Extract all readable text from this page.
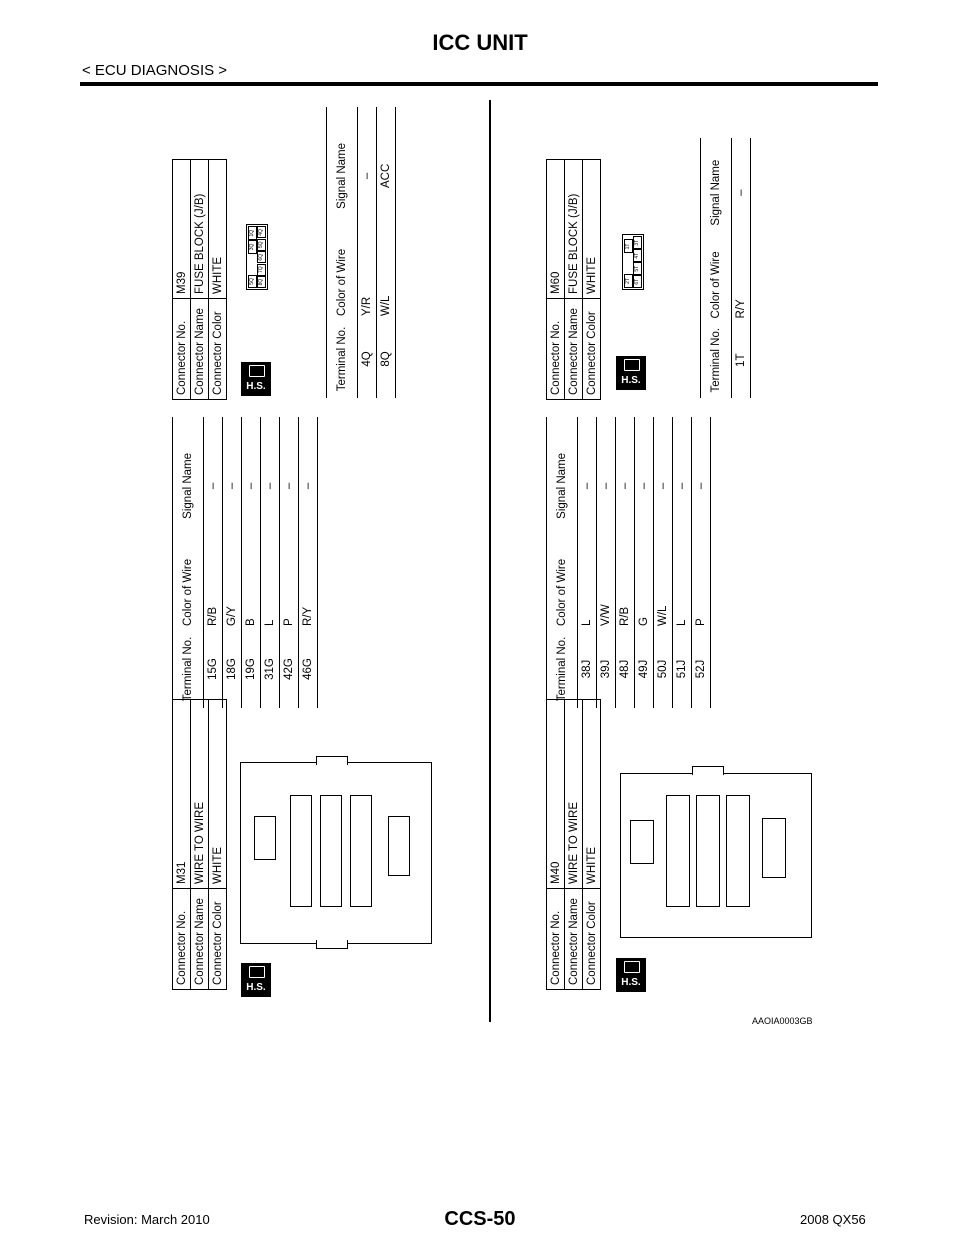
ICC UNIT
< ECU DIAGNOSIS >
Connector No.	M31
Connector Name	WIRE TO WIRE
Connector Color	WHITE
H.S.
Terminal No.	Color of Wire	Signal Name
15G	R/B	–
18G	G/Y	–
19G	B	–
31G	L	–
42G	P	–
46G	R/Y	–
Connector No.	M39
Connector Name	FUSE BLOCK (J/B)
Connector Color	WHITE
H.S.
5Q
3Q
1Q
8Q
7Q
6Q
5Q
4Q
Terminal No.	Color of Wire	Signal Name
4Q	Y/R	–
8Q	W/L	ACC
Connector No.	M40
Connector Name	WIRE TO WIRE
Connector Color	WHITE
H.S.
Terminal No.	Color of Wire	Signal Name
38J	L	–
39J	V/W	–
48J	R/B	–
49J	G	–
50J	W/L	–
51J	L	–
52J	P	–
Connector No.	M60
Connector Name	FUSE BLOCK (J/B)
Connector Color	WHITE
H.S.
2T
1T
6T
5T
4T
3T
Terminal No.	Color of Wire	Signal Name
1T	R/Y	–
AAOIA0003GB
CCS-50
Revision: March 2010	2008 QX56
